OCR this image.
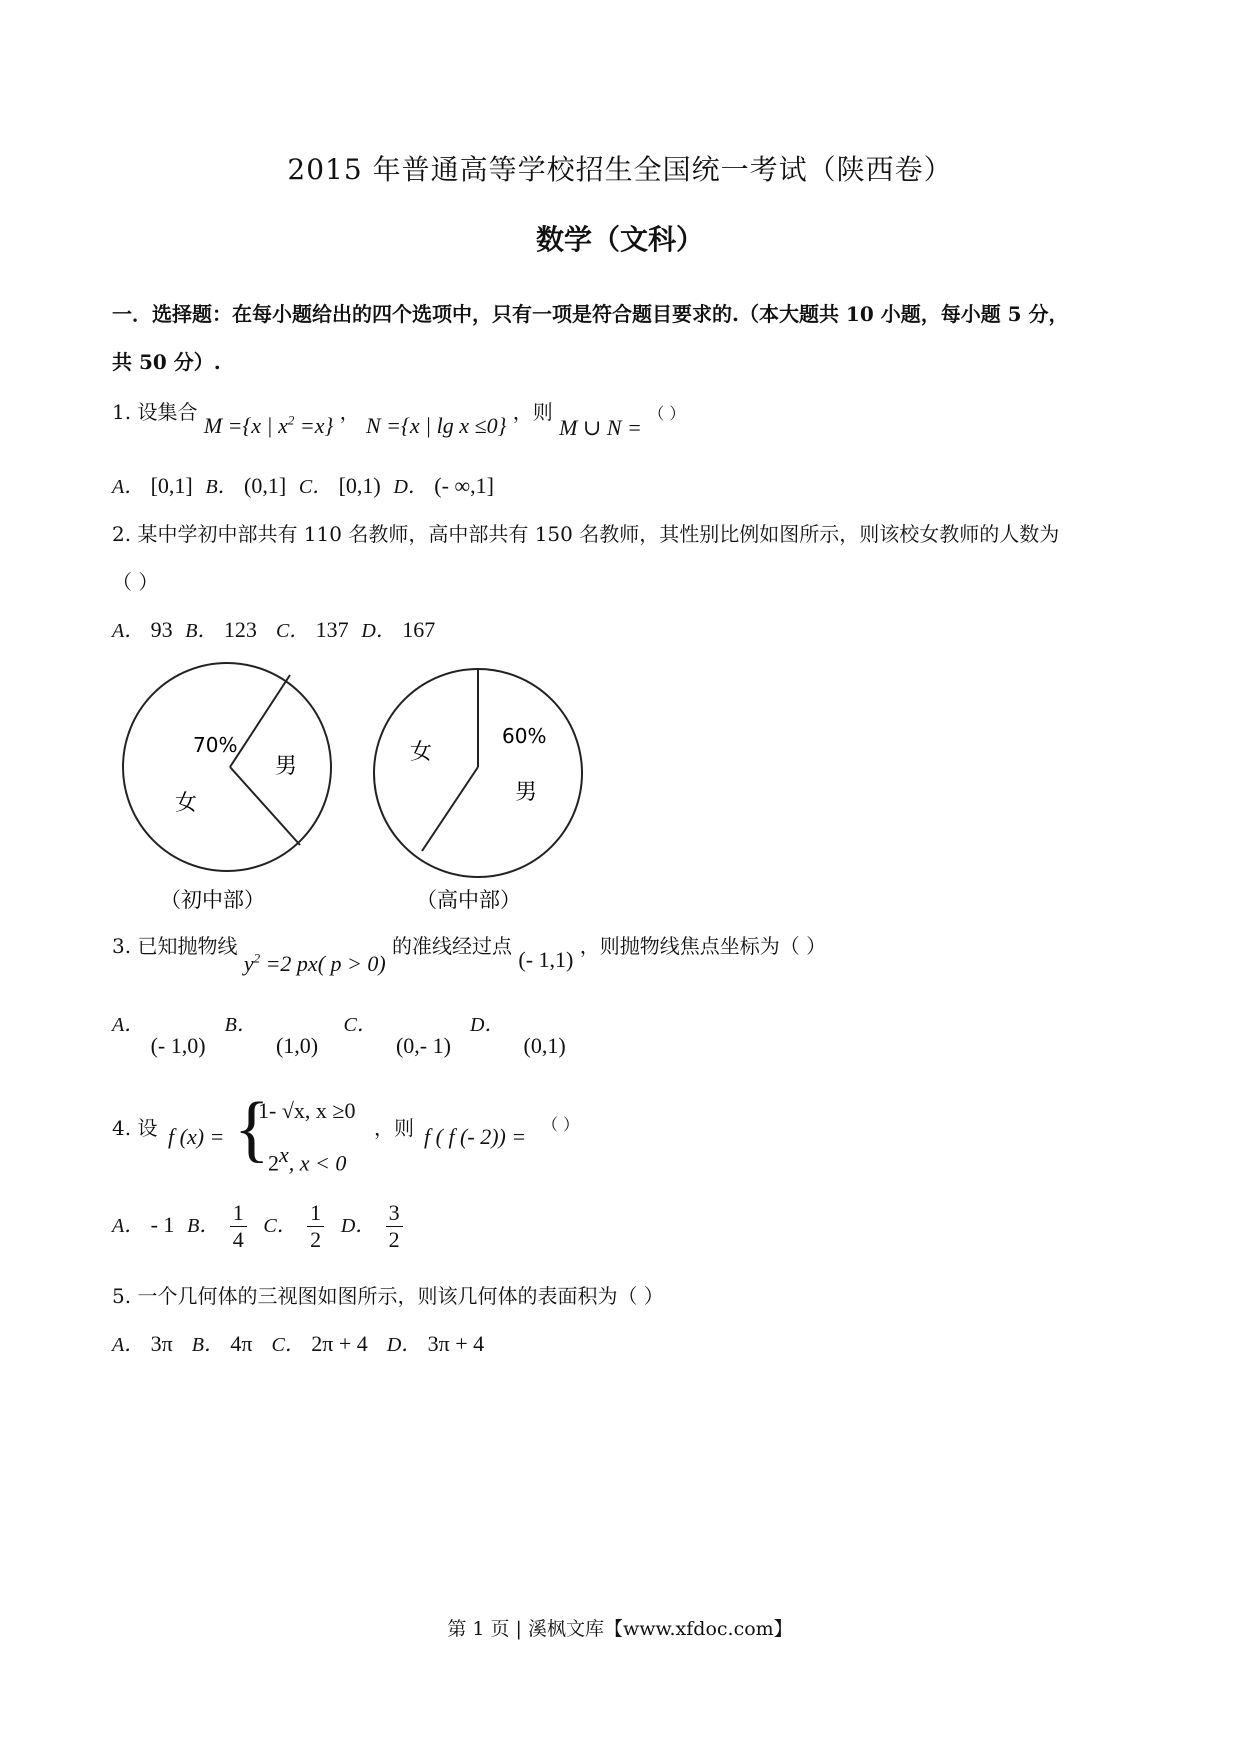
2015 年普通高等学校招生全国统一考试（陕西卷）
数学（文科）
一．选择题：在每小题给出的四个选项中，只有一项是符合题目要求的.（本大题共 10 小题，每小题 5 分，
共 50 分）.
1. 设集合 M ={x | $x^2 =x$} ， N ={x | lg x ≤0} ，则 M ∪ N = （ ）
A． [0,1] B． (0,1] C． [0,1) D． (- ∞,1]
2. 某中学初中部共有 110 名教师，高中部共有 150 名教师，其性别比例如图所示，则该校女教师的人数为
（ ）
A． 93 B． 123 C． 137 D． 167
70%
女
男
（初中部）
60%
男
女
（高中部）
3. 已知抛物线 $y^2 =2$ px( p > 0) 的准线经过点 (- 1,1) ，则抛物线焦点坐标为（ ）
A． (- 1,0)   B．   (1,0)    C．   (0,- 1)   D．   (0,1)
4. 设 f (x) = {
1- √x, x ≥0
2$^x$, x < 0
，则 f ( f (- 2)) = （ ）
A． - 1 B． $\frac{1}{4}$ C． $\frac{1}{2}$ D． $\frac{3}{2}$
5. 一个几何体的三视图如图所示，则该几何体的表面积为（ ）
A． 3π B． 4π C． 2π + 4 D． 3π + 4
第 1 页 | 溪枫文库【www.xfdoc.com】
